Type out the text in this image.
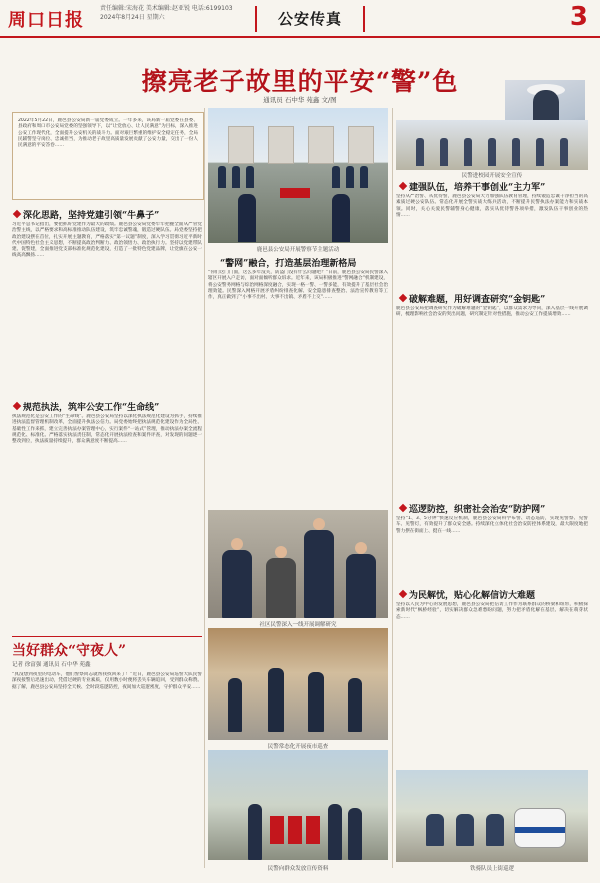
周口日报
责任编辑:宋海花 美术编辑:赵亚锐 电话:6199103
2024年8月24日 星期六	公安传真	3
擦亮老子故里的平安“警”色
通讯员 石中华 苑鑫 文/图
2022年5月22日，鹿邑县公安局新一届党委成立。一年多来，该局新一届党委在县委、县政府和周口市公安局党委的坚强领导下，以“让党放心、让人民满意”为目标，深入推进公安工作现代化，全面提升公安机关的战斗力。面对艰巨繁重的维护安全稳定任务，全局民辅警坚守岗位、忠诚担当，为推动老子故里高质量发展贡献了公安力量，交出了一份人民满意的平安答卷……
深化思路，坚持党建引领“牛鼻子”
习近平总书记指出，要把抓好党建作为最大的政绩。鹿邑县公安局党委牢牢把握全面从严管党治警主线，以严格要求和高标准推动队伍建设，筑牢忠诚警魂，锻造过硬队伍。局党委坚持把政治建设摆在首位，扎实开展主题教育，严格落实“第一议题”制度，深入学习贯彻习近平新时代中国特色社会主义思想，不断提高政治判断力、政治领悟力、政治执行力。坚持以党建带队建、促警建，全面推进党支部标准化规范化建设，打造了一批特色党建品牌，让党旗在公安一线高高飘扬……
规范执法，筑牢公安工作“生命线”
执法规范化是公安工作的“生命线”。鹿邑县公安局坚持以深化执法规范化建设为抓手，持续推进执法监督管理机制改革，全面提升执法公信力。局党委始终把执法规范化建设作为全局性、基础性工作来抓，建立完善执法办案管理中心，实行案件“一站式”管理，推动执法办案全流程规范化、标准化。严格落实执法责任制，常态化开展执法检查和案件评查，对发现的问题逐一整改到位，执法质量持续提升，群众满意度不断提高……
当好群众“守夜人”
记者 徐富强 通讯员 石中华 苑鑫
“真没想到夜里的电动车，他们警察同志就帮我找回来了！”近日，鹿邑县公安局巡警大队民警深夜接警后迅速出动，凭借过硬的专业素质，仅用数小时便将丢失车辆追回，受到群众称赞。据了解，鹿邑县公安局坚持全天候、全时段巡逻防控，夜间加大巡逻密度，守护群众平安……
鹿邑县公安局开展警察节主题活动
“警网”融合，打造基层治理新格局
“你们这门门面，这么多年没关，防盗门没有什么问题吧？”日前，鹿邑县公安局民警深入辖区开展入户走访，面对面倾听群众诉求。近年来，该局积极推进“警网融合”机制建设，将公安警务网格与综治网格深度融合，实现一格一警、一警多能，有效提升了基层社会治理效能。民警深入网格开展矛盾纠纷排查化解、安全隐患排查整治、法治宣传教育等工作，真正做到了“小事不出村、大事不出镇、矛盾不上交”……
社区民警深入一线开展调解研究
民警常态化开展夜市巡查
民警向群众发放宣传资料
民警进校园开展安全宣传
建强队伍，培养干事创业“主力军”
坚持从严治警、从优待警，鹿邑县公安局大力加强队伍教育管理，持续锻造忠诚干净担当的高素质过硬公安队伍。常态化开展全警实战大练兵活动，不断提升民警执法办案能力和实战本领。同时，关心关爱民警辅警身心健康，落实从优待警各项举措，激发队伍干事创业的热情……
破解难题，用好调查研究“金钥匙”
鹿邑县公安局把调查研究作为破解难题的“金钥匙”，以群众需求为导向，深入基层一线开展调研，梳理影响社会治安的突出问题，研究制定针对性措施，推动公安工作提质增效……
巡逻防控，织密社会治安“防护网”
坚持“1、3、5分钟”快速反应机制，鹿邑县公安局科学布警、动态巡防，实现见警察、见警车、见警灯，有效提升了群众安全感。持续深化立体化社会治安防控体系建设，最大限度地把警力摆在街面上、挺在一线……
为民解忧，贴心化解信访大难题
坚持以人民为中心的发展思想，鹿邑县公安局把信访工作作为联系群众的桥梁和纽带，积极探索新时代“枫桥经验”，切实解决群众急难愁盼问题，努力把矛盾化解在基层、解决在萌芽状态……
铁骑队员上街巡逻
